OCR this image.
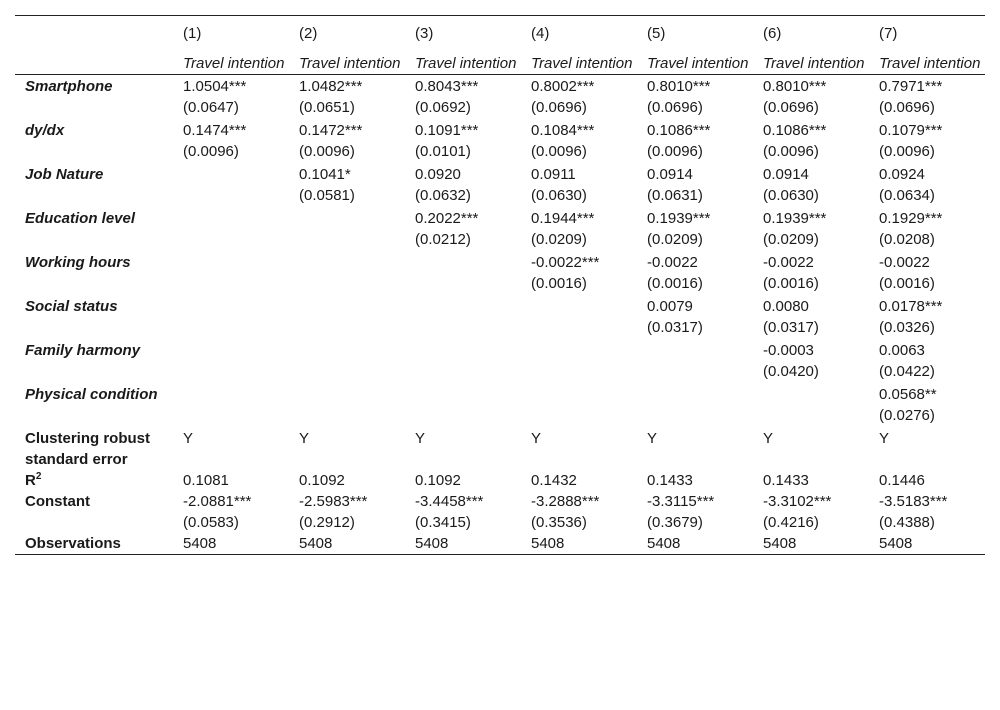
	(1)	(2)	(3)	(4)	(5)	(6)	(7)
	Travel intention	Travel intention	Travel intention	Travel intention	Travel intention	Travel intention	Travel intention
Smartphone	1.0504***	1.0482***	0.8043***	0.8002***	0.8010***	0.8010***	0.7971***
	(0.0647)	(0.0651)	(0.0692)	(0.0696)	(0.0696)	(0.0696)	(0.0696)
dy/dx	0.1474***	0.1472***	0.1091***	0.1084***	0.1086***	0.1086***	0.1079***
	(0.0096)	(0.0096)	(0.0101)	(0.0096)	(0.0096)	(0.0096)	(0.0096)
Job Nature		0.1041*	0.0920	0.0911	0.0914	0.0914	0.0924
		(0.0581)	(0.0632)	(0.0630)	(0.0631)	(0.0630)	(0.0634)
Education level			0.2022***	0.1944***	0.1939***	0.1939***	0.1929***
			(0.0212)	(0.0209)	(0.0209)	(0.0209)	(0.0208)
Working hours				-0.0022***	-0.0022	-0.0022	-0.0022
				(0.0016)	(0.0016)	(0.0016)	(0.0016)
Social status					0.0079	0.0080	0.0178***
					(0.0317)	(0.0317)	(0.0326)
Family harmony						-0.0003	0.0063
						(0.0420)	(0.0422)
Physical condition							0.0568**
							(0.0276)
Clustering robust standard error	Y	Y	Y	Y	Y	Y	Y
$R^2$	0.1081	0.1092	0.1092	0.1432	0.1433	0.1433	0.1446
Constant	-2.0881***	-2.5983***	-3.4458***	-3.2888***	-3.3115***	-3.3102***	-3.5183***
	(0.0583)	(0.2912)	(0.3415)	(0.3536)	(0.3679)	(0.4216)	(0.4388)
Observations	5408	5408	5408	5408	5408	5408	5408
